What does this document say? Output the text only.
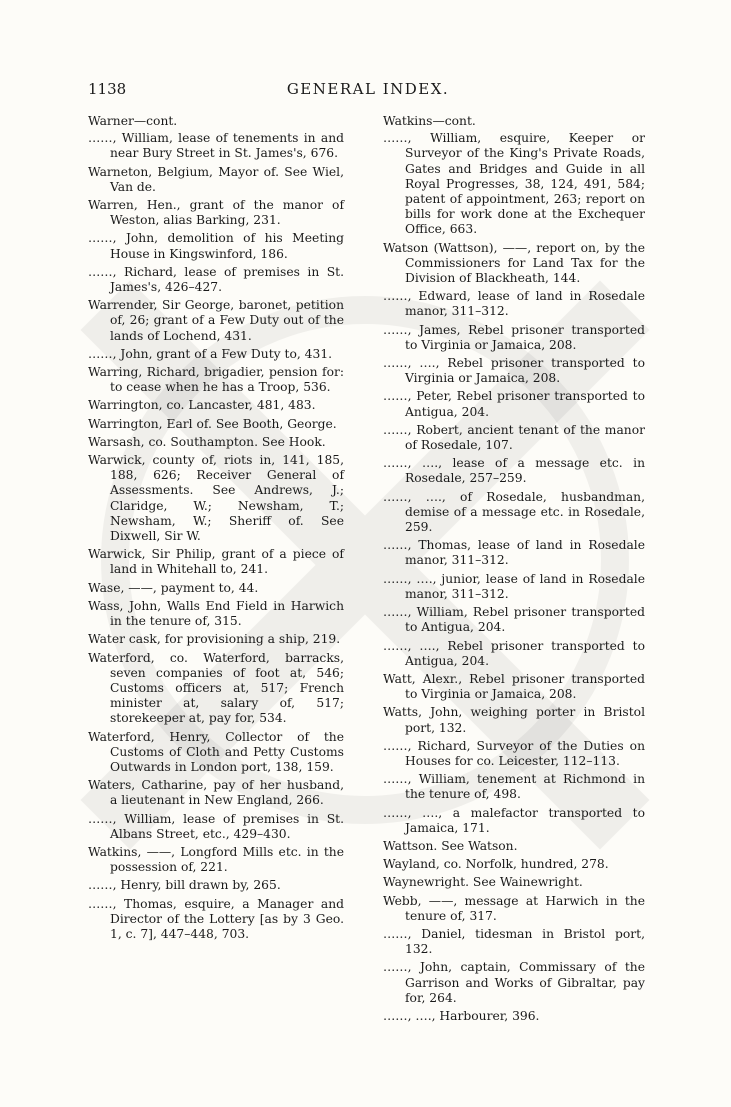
1138	GENERAL INDEX.
Warner—cont.

……, William, lease of tenements in and near Bury Street in St. James's, 676.

Warneton, Belgium, Mayor of. See Wiel, Van de.

Warren, Hen., grant of the manor of Weston, alias Barking, 231.

……, John, demolition of his Meeting House in Kingswinford, 186.

……, Richard, lease of premises in St. James's, 426–427.

Warrender, Sir George, baronet, petition of, 26; grant of a Few Duty out of the lands of Lochend, 431.

……, John, grant of a Few Duty to, 431.

Warring, Richard, brigadier, pension for: to cease when he has a Troop, 536.

Warrington, co. Lancaster, 481, 483.

Warrington, Earl of. See Booth, George.

Warsash, co. Southampton. See Hook.

Warwick, county of, riots in, 141, 185, 188, 626; Receiver General of Assessments. See Andrews, J.; Claridge, W.; Newsham, T.; Newsham, W.; Sheriff of. See Dixwell, Sir W.

Warwick, Sir Philip, grant of a piece of land in Whitehall to, 241.

Wase, ——, payment to, 44.

Wass, John, Walls End Field in Harwich in the tenure of, 315.

Water cask, for provisioning a ship, 219.

Waterford, co. Waterford, barracks, seven companies of foot at, 546; Customs officers at, 517; French minister at, salary of, 517; storekeeper at, pay for, 534.

Waterford, Henry, Collector of the Customs of Cloth and Petty Customs Outwards in London port, 138, 159.

Waters, Catharine, pay of her husband, a lieutenant in New England, 266.

……, William, lease of premises in St. Albans Street, etc., 429–430.

Watkins, ——, Longford Mills etc. in the possession of, 221.

……, Henry, bill drawn by, 265.

……, Thomas, esquire, a Manager and Director of the Lottery [as by 3 Geo. 1, c. 7], 447–448, 703.

Watkins—cont.

……, William, esquire, Keeper or Surveyor of the King's Private Roads, Gates and Bridges and Guide in all Royal Progresses, 38, 124, 491, 584; patent of appointment, 263; report on bills for work done at the Exchequer Office, 663.

Watson (Wattson), ——, report on, by the Commissioners for Land Tax for the Division of Blackheath, 144.

……, Edward, lease of land in Rosedale manor, 311–312.

……, James, Rebel prisoner transported to Virginia or Jamaica, 208.

……, …., Rebel prisoner transported to Virginia or Jamaica, 208.

……, Peter, Rebel prisoner transported to Antigua, 204.

……, Robert, ancient tenant of the manor of Rosedale, 107.

……, …., lease of a message etc. in Rosedale, 257–259.

……, …., of Rosedale, husbandman, demise of a message etc. in Rosedale, 259.

……, Thomas, lease of land in Rosedale manor, 311–312.

……, …., junior, lease of land in Rosedale manor, 311–312.

……, William, Rebel prisoner transported to Antigua, 204.

……, …., Rebel prisoner transported to Antigua, 204.

Watt, Alexr., Rebel prisoner transported to Virginia or Jamaica, 208.

Watts, John, weighing porter in Bristol port, 132.

……, Richard, Surveyor of the Duties on Houses for co. Leicester, 112–113.

……, William, tenement at Richmond in the tenure of, 498.

……, …., a malefactor transported to Jamaica, 171.

Wattson. See Watson.

Wayland, co. Norfolk, hundred, 278.

Waynewright. See Wainewright.

Webb, ——, message at Harwich in the tenure of, 317.

……, Daniel, tidesman in Bristol port, 132.

……, John, captain, Commissary of the Garrison and Works of Gibraltar, pay for, 264.

……, …., Harbourer, 396.
